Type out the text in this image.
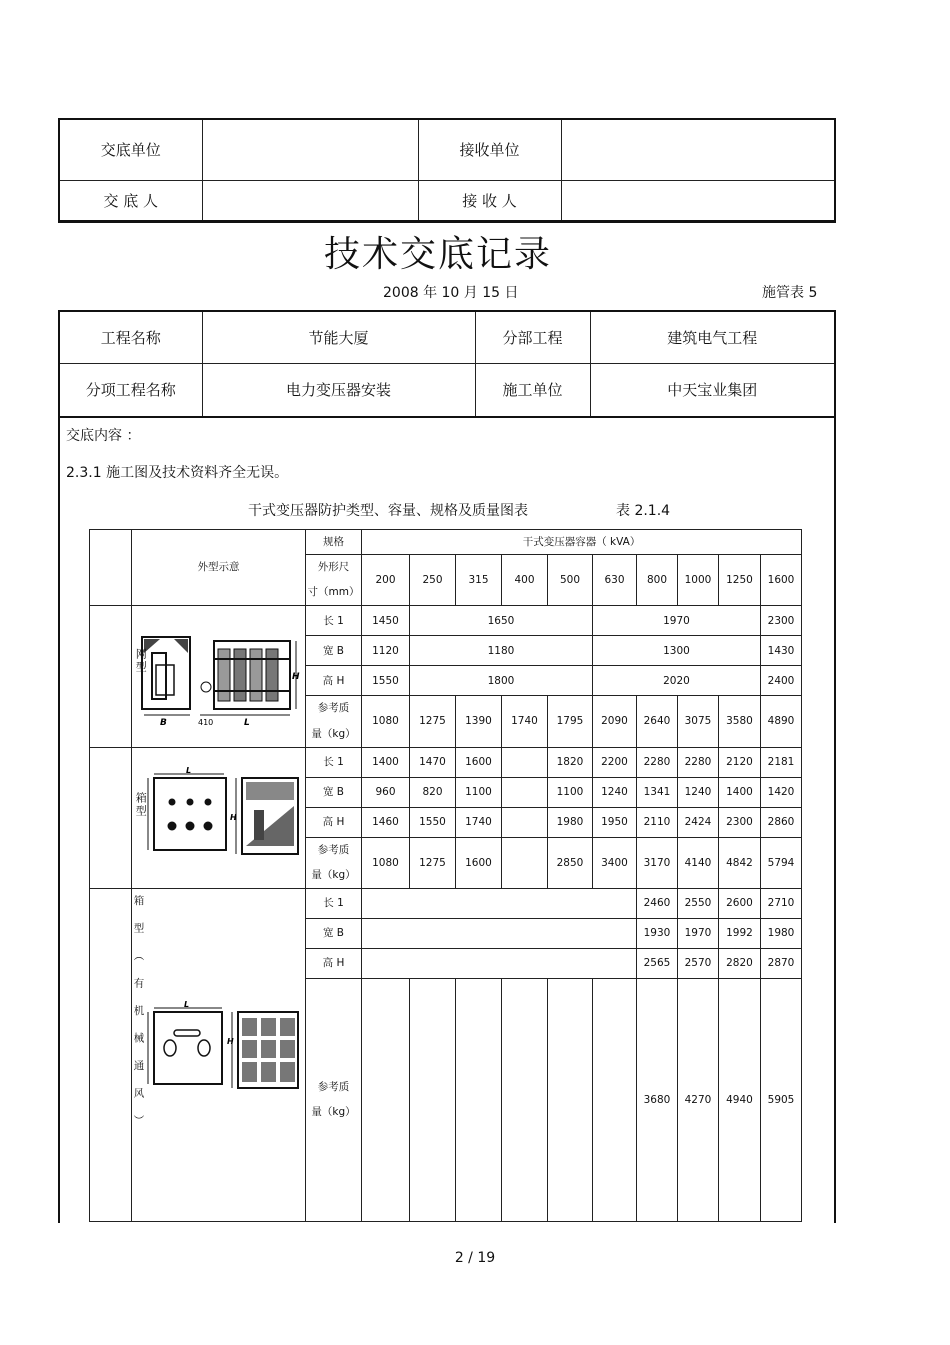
交底单位		接收单位	
交 底 人		接 收 人	
技术交底记录
2008 年 10 月 15 日	施管表 5
工程名称	节能大厦	分部工程	建筑电气工程
分项工程名称	电力变压器安装	施工单位	中天宝业集团
交底内容 ：
2.3.1 施工图及技术资料齐全无误。
干式变压器防护类型、容量、规格及质量图表	表 2.1.4
	外型示意	规格	干式变压器容器（ kVA）									

		外形尺
寸（mm）	200	250	315	400	500	630	800	1000	1250	1600

	网型
B
H
410 L	长 1	1450	1650				1970				2300
		宽 B	1120	1180				1300				1430
		高 H	1550	1800				2020				2400

		参考质
量（kg）	1080	1275	1390	1740	1795	2090	2640	3075	3580	4890

	箱型
L
H	长 1	1400	1470	1600		1820	2200	2280	2280	2120	2181
		宽 B	960	820	1100		1100	1240	1341	1240	1400	1420
		高 H	1460	1550	1740		1980	1950	2110	2424	2300	2860

		参考质
量（kg）	1080	1275	1600		2850	3400	3170	4140	4842	5794

	箱型（有机械通风） L
H	长 1							2460	2550	2600	2710
		宽 B							1930	1970	1992	1980
		高 H							2565	2570	2820	2870

		参考质
量（kg）							3680	4270	4940	5905
2 / 19
